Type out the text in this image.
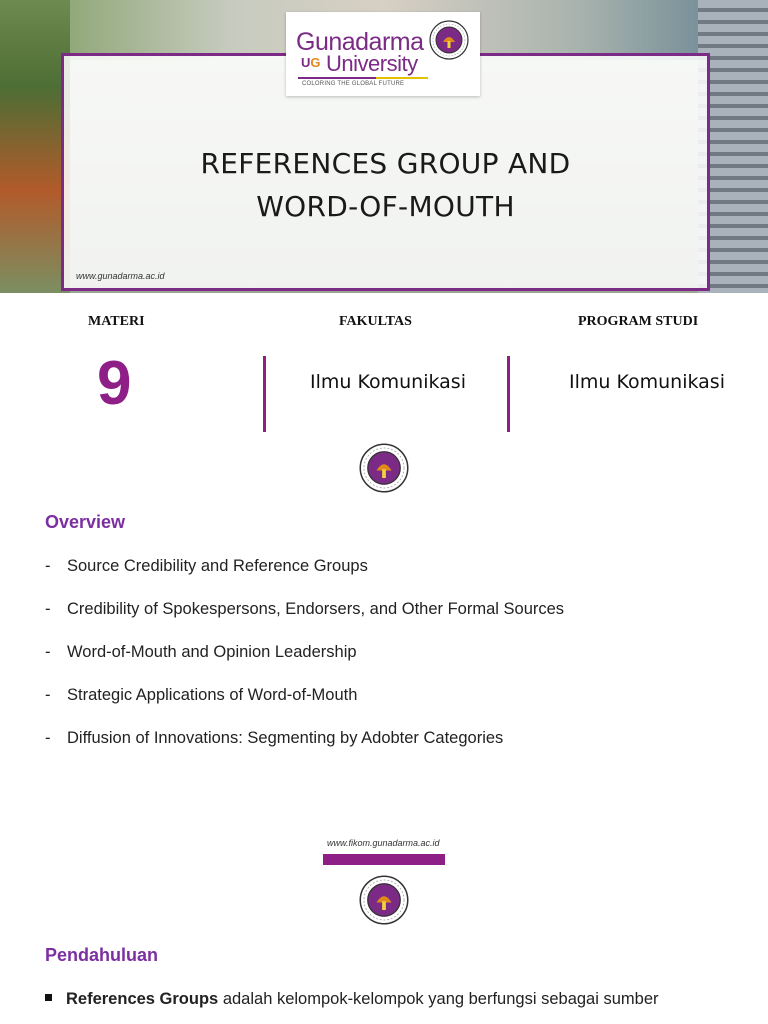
REFERENCES GROUP AND
WORD-OF-MOUTH
www.gunadarma.ac.id
Gunadarma
UG University
COLORING THE GLOBAL FUTURE
MATERI	FAKULTAS	PROGRAM STUDI
9	Ilmu Komunikasi	Ilmu Komunikasi
Overview
- Source Credibility and Reference Groups
- Credibility of Spokespersons, Endorsers, and Other Formal Sources
- Word-of-Mouth and Opinion Leadership
- Strategic Applications of Word-of-Mouth
- Diffusion of Innovations: Segmenting by Adobter Categories
www.fikom.gunadarma.ac.id
Pendahuluan
References Groups adalah kelompok-kelompok yang berfungsi sebagai sumber
